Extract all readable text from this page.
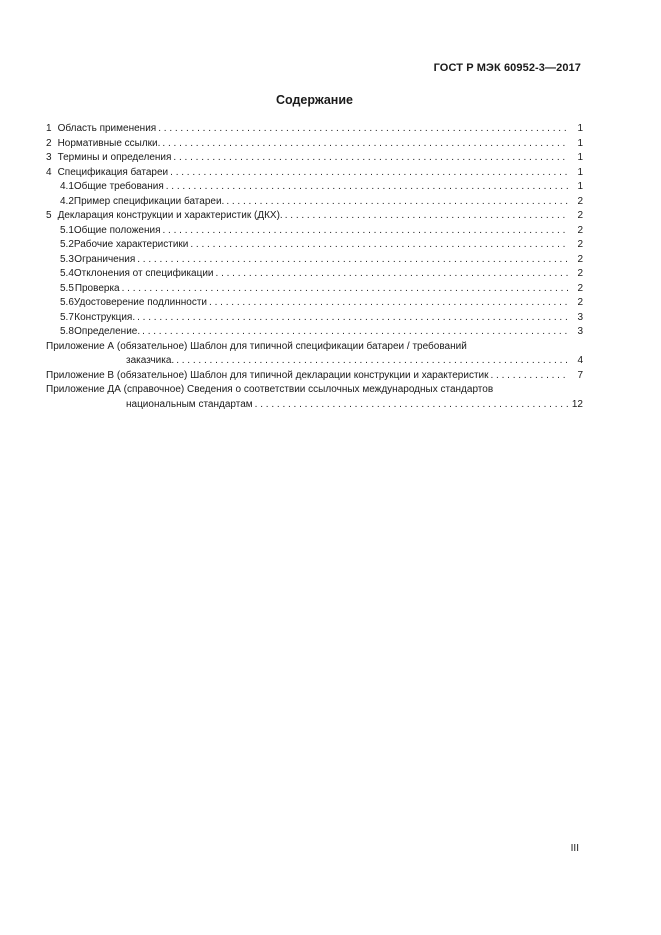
ГОСТ Р МЭК 60952-3—2017
Содержание
1 Область применения . . .	1
2 Нормативные ссылки. . . .	1
3 Термины и определения . . .	1
4 Спецификация батареи . . .	1
4.1 Общие требования . . .	1
4.2 Пример спецификации батареи. . . .	2
5 Декларация конструкции и характеристик (ДКХ). . . .	2
5.1 Общие положения . . .	2
5.2 Рабочие характеристики . . .	2
5.3 Ограничения . . .	2
5.4 Отклонения от спецификации . . .	2
5.5 Проверка . . .	2
5.6 Удостоверение подлинности . . .	2
5.7 Конструкция. . . .	3
5.8 Определение. . . .	3
Приложение А (обязательное) Шаблон для типичной спецификации батареи / требований
заказчика. . . .	4
Приложение В (обязательное) Шаблон для типичной декларации конструкции и характеристик . . .	7
Приложение ДА (справочное) Сведения о соответствии ссылочных международных стандартов
национальным стандартам . . .	12
III
